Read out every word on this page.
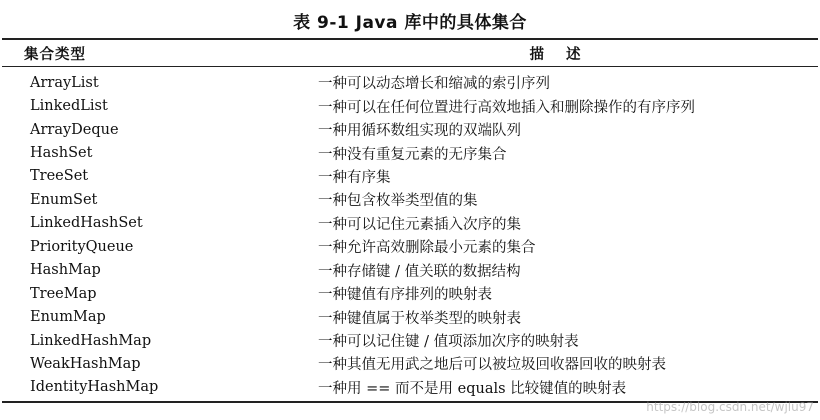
表 9-1 Java 库中的具体集合
集合类型	描述
ArrayList	一种可以动态增长和缩减的索引序列
LinkedList	一种可以在任何位置进行高效地插入和删除操作的有序序列
ArrayDeque	一种用循环数组实现的双端队列
HashSet	一种没有重复元素的无序集合
TreeSet	一种有序集
EnumSet	一种包含枚举类型值的集
LinkedHashSet	一种可以记住元素插入次序的集
PriorityQueue	一种允许高效删除最小元素的集合
HashMap	一种存储键 / 值关联的数据结构
TreeMap	一种键值有序排列的映射表
EnumMap	一种键值属于枚举类型的映射表
LinkedHashMap	一种可以记住键 / 值项添加次序的映射表
WeakHashMap	一种其值无用武之地后可以被垃圾回收器回收的映射表
IdentityHashMap	一种用 == 而不是用 equals 比较键值的映射表
https://blog.csdn.net/wjlu97
